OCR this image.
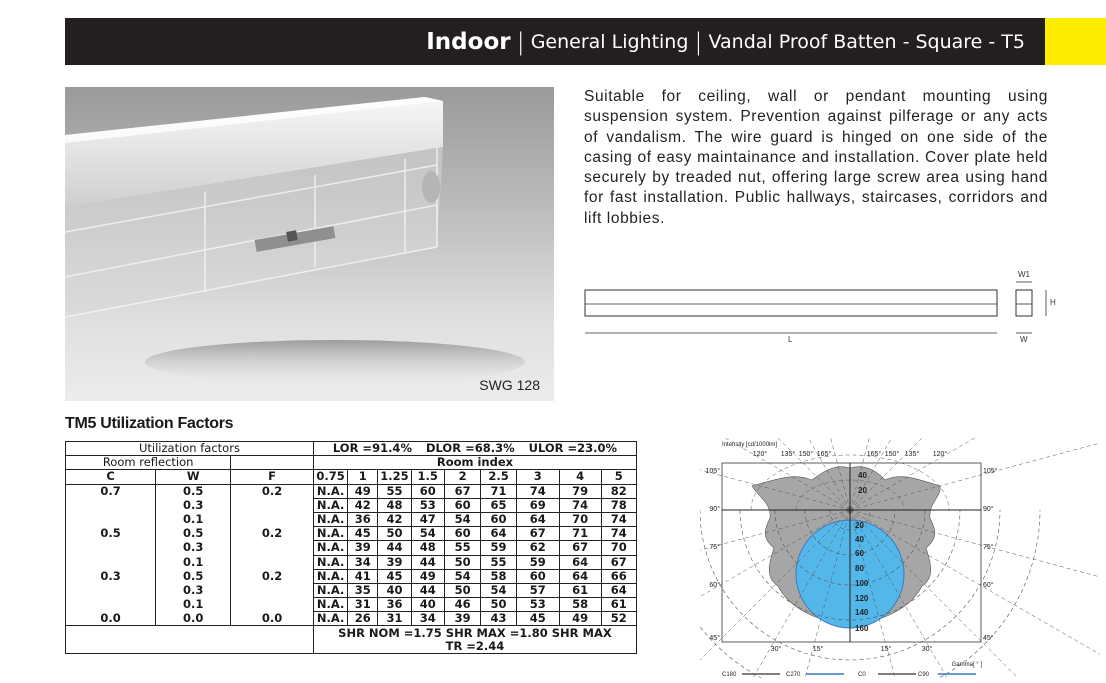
Indoor | General Lighting | Vandal Proof Batten - Square - T5
SWG 128
Suitable for ceiling, wall or pendant mounting using suspension system. Prevention against pilferage or any acts of vandalism. The wire guard is hinged on one side of the casing of easy maintainance and installation. Cover plate held securely by treaded nut, offering large screw area using hand for fast installation. Public hallways, staircases, corridors and lift lobbies.
W1
L	W
H
TM5 Utilization Factors
Utilization factors			LOR =91.4% DLOR =68.3% ULOR =23.0%								
Room reflection			Room index								
C	W	F	0.75	1	1.25	1.5	2	2.5	3	4	5
0.7	0.5	0.2	N.A.	49	55	60	67	71	74	79	82
	0.3		N.A.	42	48	53	60	65	69	74	78
	0.1		N.A.	36	42	47	54	60	64	70	74
0.5	0.5	0.2	N.A.	45	50	54	60	64	67	71	74
	0.3		N.A.	39	44	48	55	59	62	67	70
	0.1		N.A.	34	39	44	50	55	59	64	67
0.3	0.5	0.2	N.A.	41	45	49	54	58	60	64	66
	0.3		N.A.	35	40	44	50	54	57	61	64
	0.1		N.A.	31	36	40	46	50	53	58	61
0.0	0.0	0.0	N.A.	26	31	34	39	43	45	49	52
			SHR NOM =1.75 SHR MAX =1.80 SHR MAX								
			TR =2.44								
Intensity [cd/1000lm]
120° 135° 150° 165°	165° 150° 135° 120°
105°	105°
90°	90°
75°	75°
60°	60°
45°	45°
30°	15°	15°	30°
40
20
20
40
60
80
100
120
140
160
Gamma[ ° ]
C180	C270	C0	C90
